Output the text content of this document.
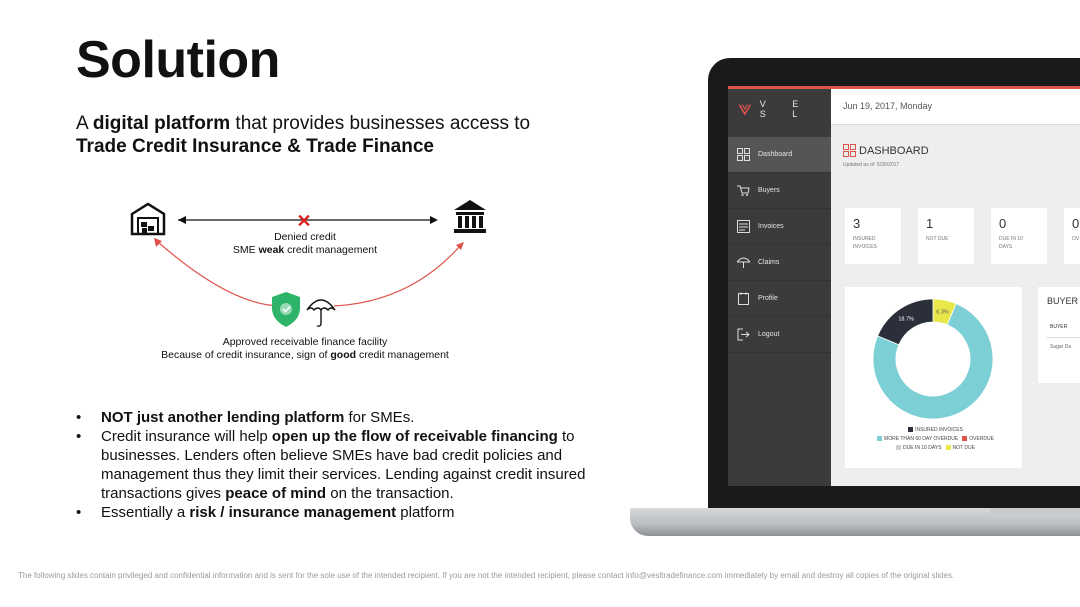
Solution
A digital platform that provides businesses access to
Trade Credit Insurance & Trade Finance
✕
Denied credit
SME weak credit management
Approved receivable finance facility
Because of credit insurance, sign of good credit management
• NOT just another lending platform for SMEs.
• Credit insurance will help open up the flow of receivable financing to businesses. Lenders often believe SMEs have bad credit policies and management thus they limit their services. Lending against credit insured transactions gives peace of mind on the transaction.
• Essentially a risk / insurance management platform
The following slides contain privileged and confidential information and is sent for the sole use of the intended recipient. If you are not the intended recipient, please contact info@vesltradefinance.com immediately by email and destroy all copies of the original slides.
V E S L
Dashboard
Buyers
Invoices
Claims
Profile
Logout
Jun 19, 2017, Monday
DASHBOARD
Updated as of: 5/30/2017
3
INSURED INVOICES
1
NOT DUE
0
DUE IN 10 DAYS
0
OV
6.3%
75.0%
18.7%
INSURED INVOICES
MORE THAN 60 DAY OVERDUE OVERDUE
DUE IN 10 DAYS NOT DUE
BUYER
BUYER
Sugar Da
